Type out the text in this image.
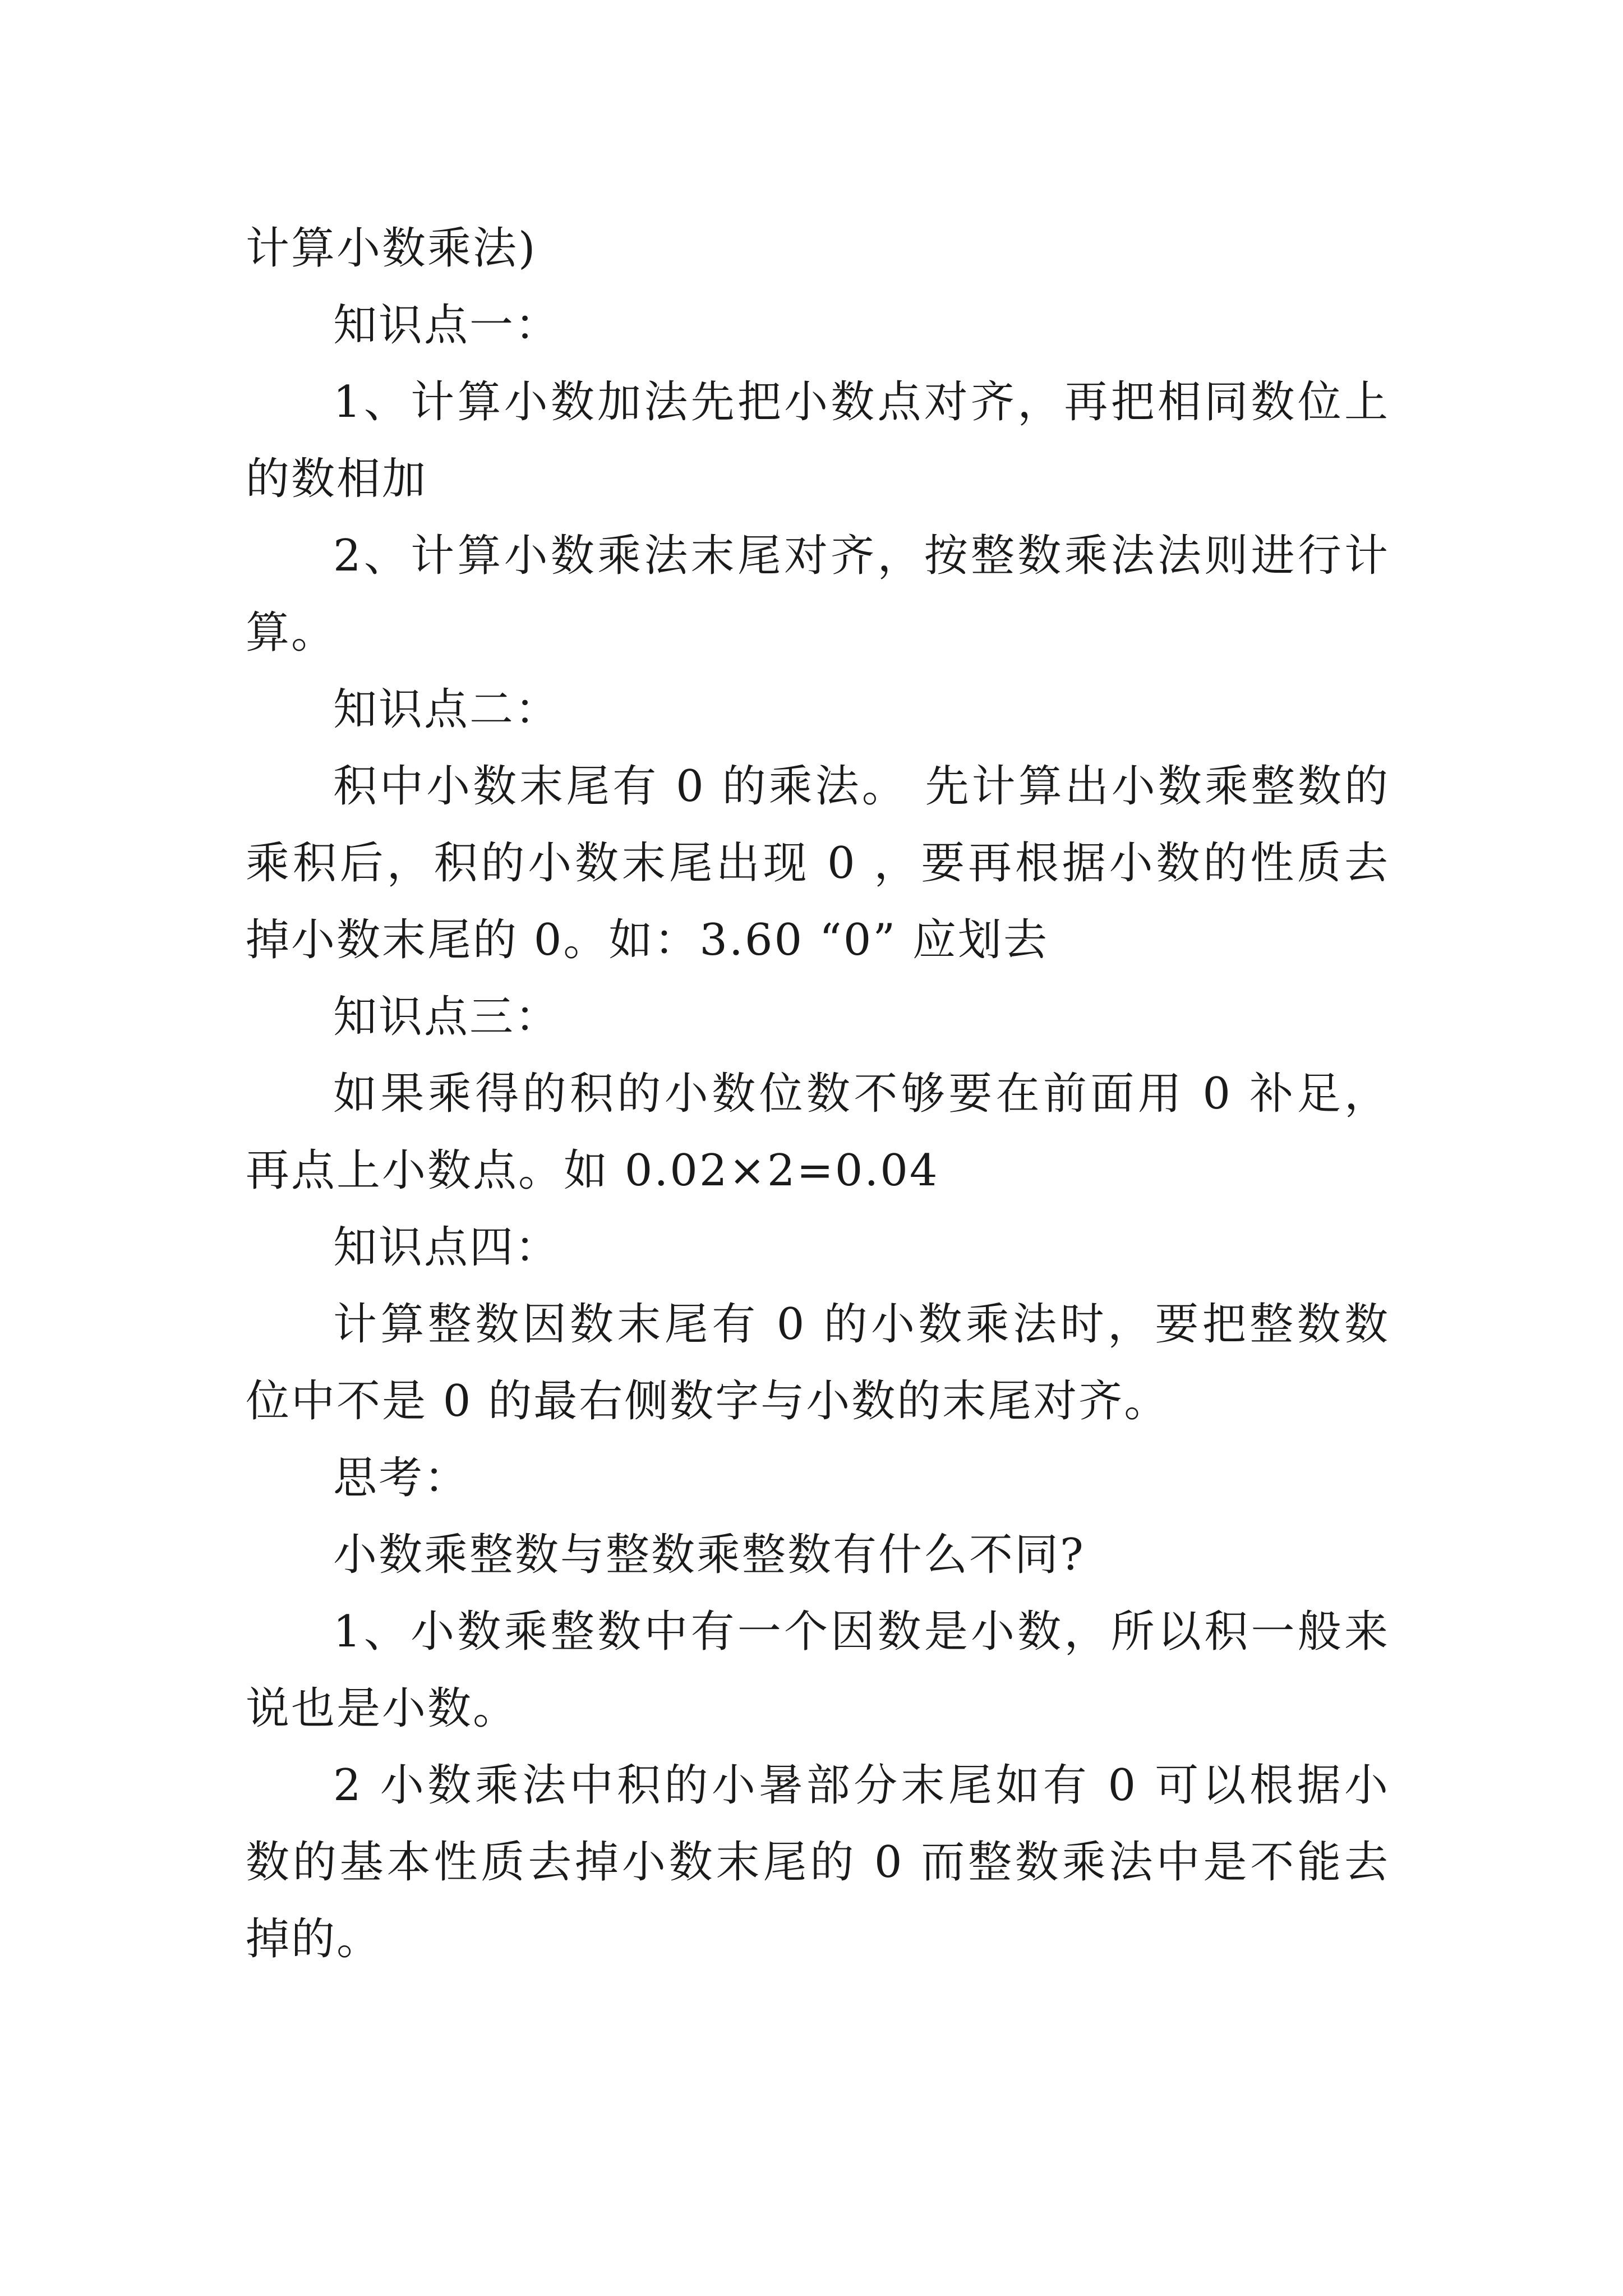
计算小数乘法)

知识点一：

1、计算小数加法先把小数点对齐，再把相同数位上的数相加

2、计算小数乘法末尾对齐，按整数乘法法则进行计算。

知识点二：

积中小数末尾有 0 的乘法。 先计算出小数乘整数的乘积后，积的小数末尾出现 0 ，要再根据小数的性质去掉小数末尾的 0。如：3.60 “0” 应划去

知识点三：

如果乘得的积的小数位数不够要在前面用 0 补足，再点上小数点。如 0.02×2=0.04

知识点四：

计算整数因数末尾有 0 的小数乘法时，要把整数数位中不是 0 的最右侧数字与小数的末尾对齐。

思考：

小数乘整数与整数乘整数有什么不同?

1、小数乘整数中有一个因数是小数，所以积一般来说也是小数。

2 小数乘法中积的小暑部分末尾如有 0 可以根据小数的基本性质去掉小数末尾的 0 而整数乘法中是不能去掉的。
